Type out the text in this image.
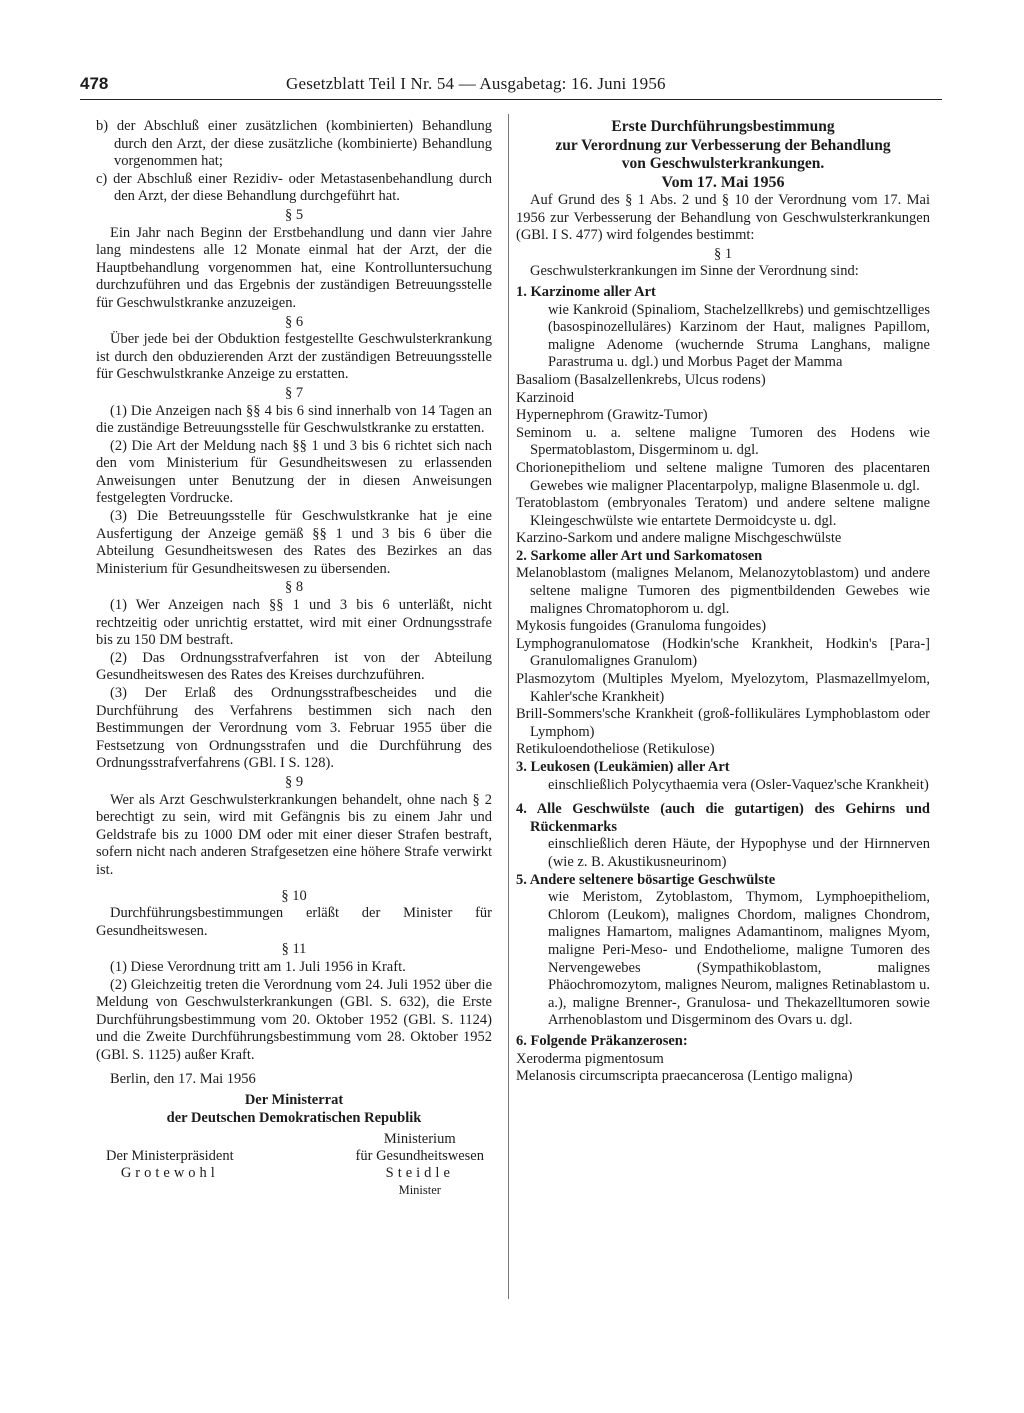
478	Gesetzblatt Teil I Nr. 54 — Ausgabetag: 16. Juni 1956

b) der Abschluß einer zusätzlichen (kombinierten) Behandlung durch den Arzt, der diese zusätzliche (kombinierte) Behandlung vorgenommen hat;

c) der Abschluß einer Rezidiv- oder Metastasenbehandlung durch den Arzt, der diese Behandlung durchgeführt hat.

§ 5

Ein Jahr nach Beginn der Erstbehandlung und dann vier Jahre lang mindestens alle 12 Monate einmal hat der Arzt, der die Hauptbehandlung vorgenommen hat, eine Kontrolluntersuchung durchzuführen und das Ergebnis der zuständigen Betreuungsstelle für Geschwulstkranke anzuzeigen.

§ 6

Über jede bei der Obduktion festgestellte Geschwulsterkrankung ist durch den obduzierenden Arzt der zuständigen Betreuungsstelle für Geschwulstkranke Anzeige zu erstatten.

§ 7

(1) Die Anzeigen nach §§ 4 bis 6 sind innerhalb von 14 Tagen an die zuständige Betreuungsstelle für Geschwulstkranke zu erstatten.

(2) Die Art der Meldung nach §§ 1 und 3 bis 6 richtet sich nach den vom Ministerium für Gesundheitswesen zu erlassenden Anweisungen unter Benutzung der in diesen Anweisungen festgelegten Vordrucke.

(3) Die Betreuungsstelle für Geschwulstkranke hat je eine Ausfertigung der Anzeige gemäß §§ 1 und 3 bis 6 über die Abteilung Gesundheitswesen des Rates des Bezirkes an das Ministerium für Gesundheitswesen zu übersenden.

§ 8

(1) Wer Anzeigen nach §§ 1 und 3 bis 6 unterläßt, nicht rechtzeitig oder unrichtig erstattet, wird mit einer Ordnungsstrafe bis zu 150 DM bestraft.

(2) Das Ordnungsstrafverfahren ist von der Abteilung Gesundheitswesen des Rates des Kreises durchzuführen.

(3) Der Erlaß des Ordnungsstrafbescheides und die Durchführung des Verfahrens bestimmen sich nach den Bestimmungen der Verordnung vom 3. Februar 1955 über die Festsetzung von Ordnungsstrafen und die Durchführung des Ordnungsstrafverfahrens (GBl. I S. 128).

§ 9

Wer als Arzt Geschwulsterkrankungen behandelt, ohne nach § 2 berechtigt zu sein, wird mit Gefängnis bis zu einem Jahr und Geldstrafe bis zu 1000 DM oder mit einer dieser Strafen bestraft, sofern nicht nach anderen Strafgesetzen eine höhere Strafe verwirkt ist.

§ 10

Durchführungsbestimmungen erläßt der Minister für Gesundheitswesen.

§ 11

(1) Diese Verordnung tritt am 1. Juli 1956 in Kraft.

(2) Gleichzeitig treten die Verordnung vom 24. Juli 1952 über die Meldung von Geschwulsterkrankungen (GBl. S. 632), die Erste Durchführungsbestimmung vom 20. Oktober 1952 (GBl. S. 1124) und die Zweite Durchführungsbestimmung vom 28. Oktober 1952 (GBl. S. 1125) außer Kraft.

Berlin, den 17. Mai 1956

Der Ministerrat

der Deutschen Demokratischen Republik

Der Ministerpräsident
Grotewohl
Ministerium
für Gesundheitswesen
Steidle
Minister

Erste Durchführungsbestimmung

zur Verordnung zur Verbesserung der Behandlung

von Geschwulsterkrankungen.

Vom 17. Mai 1956

Auf Grund des § 1 Abs. 2 und § 10 der Verordnung vom 17. Mai 1956 zur Verbesserung der Behandlung von Geschwulsterkrankungen (GBl. I S. 477) wird folgendes bestimmt:

§ 1

Geschwulsterkrankungen im Sinne der Verordnung sind:

1. Karzinome aller Art

wie Kankroid (Spinaliom, Stachelzellkrebs) und gemischtzelliges (basospinozelluläres) Karzinom der Haut, malignes Papillom, maligne Adenome (wuchernde Struma Langhans, maligne Parastruma u. dgl.) und Morbus Paget der Mamma

Basaliom (Basalzellenkrebs, Ulcus rodens)

Karzinoid

Hypernephrom (Grawitz-Tumor)

Seminom u. a. seltene maligne Tumoren des Hodens wie Spermatoblastom, Disgerminom u. dgl.

Chorionepitheliom und seltene maligne Tumoren des placentaren Gewebes wie maligner Placentarpolyp, maligne Blasenmole u. dgl.

Teratoblastom (embryonales Teratom) und andere seltene maligne Kleingeschwülste wie entartete Dermoidcyste u. dgl.

Karzino-Sarkom und andere maligne Mischgeschwülste

2. Sarkome aller Art und Sarkomatosen

Melanoblastom (malignes Melanom, Melanozytoblastom) und andere seltene maligne Tumoren des pigmentbildenden Gewebes wie malignes Chromatophorom u. dgl.

Mykosis fungoides (Granuloma fungoides)

Lymphogranulomatose (Hodkin'sche Krankheit, Hodkin's [Para-] Granulomalignes Granulom)

Plasmozytom (Multiples Myelom, Myelozytom, Plasmazellmyelom, Kahler'sche Krankheit)

Brill-Sommers'sche Krankheit (groß-follikuläres Lymphoblastom oder Lymphom)

Retikuloendotheliose (Retikulose)

3. Leukosen (Leukämien) aller Art

einschließlich Polycythaemia vera (Osler-Vaquez'sche Krankheit)

4. Alle Geschwülste (auch die gutartigen) des Gehirns und Rückenmarks

einschließlich deren Häute, der Hypophyse und der Hirnnerven (wie z. B. Akustikusneurinom)

5. Andere seltenere bösartige Geschwülste

wie Meristom, Zytoblastom, Thymom, Lymphoepitheliom, Chlorom (Leukom), malignes Chordom, malignes Chondrom, malignes Hamartom, malignes Adamantinom, malignes Myom, maligne Peri-Meso- und Endotheliome, maligne Tumoren des Nervengewebes (Sympathikoblastom, malignes Phäochromozytom, malignes Neurom, malignes Retinablastom u. a.), maligne Brenner-, Granulosa- und Thekazelltumoren sowie Arrhenoblastom und Disgerminom des Ovars u. dgl.

6. Folgende Präkanzerosen:

Xeroderma pigmentosum

Melanosis circumscripta praecancerosa (Lentigo maligna)
